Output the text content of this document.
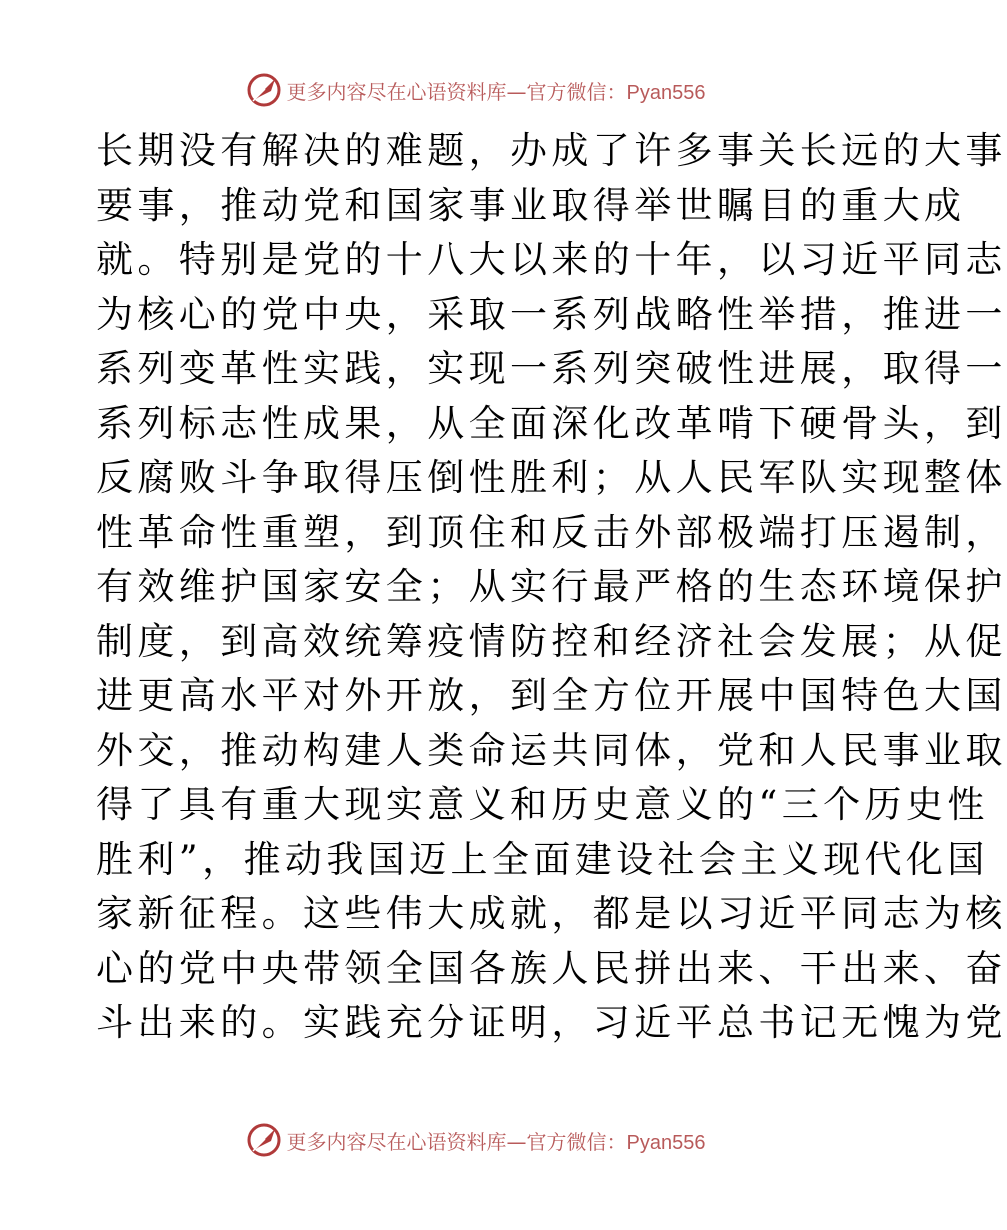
更多内容尽在心语资料库—官方微信：Pyan556
长期没有解决的难题，办成了许多事关长远的大事
要事，推动党和国家事业取得举世瞩目的重大成
就。特别是党的十八大以来的十年，以习近平同志
为核心的党中央，采取一系列战略性举措，推进一
系列变革性实践，实现一系列突破性进展，取得一
系列标志性成果，从全面深化改革啃下硬骨头，到
反腐败斗争取得压倒性胜利；从人民军队实现整体
性革命性重塑，到顶住和反击外部极端打压遏制，
有效维护国家安全；从实行最严格的生态环境保护
制度，到高效统筹疫情防控和经济社会发展；从促
进更高水平对外开放，到全方位开展中国特色大国
外交，推动构建人类命运共同体，党和人民事业取
得了具有重大现实意义和历史意义的“三个历史性
胜利”，推动我国迈上全面建设社会主义现代化国
家新征程。这些伟大成就，都是以习近平同志为核
心的党中央带领全国各族人民拼出来、干出来、奋
斗出来的。实践充分证明，习近平总书记无愧为党
更多内容尽在心语资料库—官方微信：Pyan556
